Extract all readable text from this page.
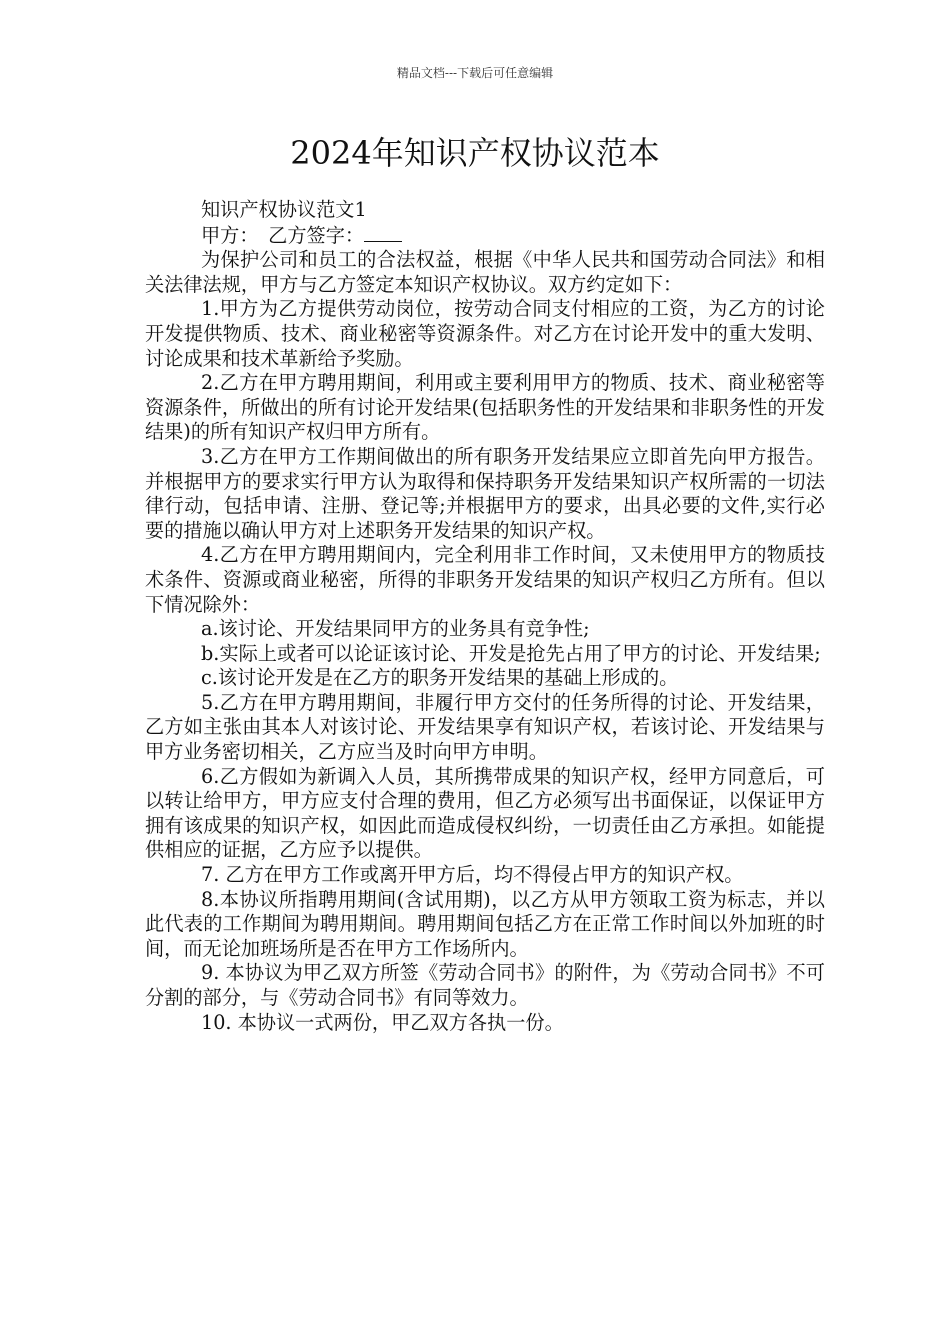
精品文档---下载后可任意编辑
2024年知识产权协议范本

知识产权协议范文1

甲方：　乙方签字：

为保护公司和员工的合法权益，根据《中华人民共和国劳动合同法》和相关法律法规，甲方与乙方签定本知识产权协议。双方约定如下：

1.甲方为乙方提供劳动岗位，按劳动合同支付相应的工资，为乙方的讨论开发提供物质、技术、商业秘密等资源条件。对乙方在讨论开发中的重大发明、讨论成果和技术革新给予奖励。

2.乙方在甲方聘用期间，利用或主要利用甲方的物质、技术、商业秘密等资源条件，所做出的所有讨论开发结果(包括职务性的开发结果和非职务性的开发结果)的所有知识产权归甲方所有。

3.乙方在甲方工作期间做出的所有职务开发结果应立即首先向甲方报告。并根据甲方的要求实行甲方认为取得和保持职务开发结果知识产权所需的一切法律行动，包括申请、注册、登记等;并根据甲方的要求，出具必要的文件,实行必要的措施以确认甲方对上述职务开发结果的知识产权。

4.乙方在甲方聘用期间内，完全利用非工作时间，又未使用甲方的物质技术条件、资源或商业秘密，所得的非职务开发结果的知识产权归乙方所有。但以下情况除外：

a.该讨论、开发结果同甲方的业务具有竞争性;

b.实际上或者可以论证该讨论、开发是抢先占用了甲方的讨论、开发结果;

c.该讨论开发是在乙方的职务开发结果的基础上形成的。

5.乙方在甲方聘用期间，非履行甲方交付的任务所得的讨论、开发结果，乙方如主张由其本人对该讨论、开发结果享有知识产权，若该讨论、开发结果与甲方业务密切相关，乙方应当及时向甲方申明。

6.乙方假如为新调入人员，其所携带成果的知识产权，经甲方同意后，可以转让给甲方，甲方应支付合理的费用，但乙方必须写出书面保证，以保证甲方拥有该成果的知识产权，如因此而造成侵权纠纷，一切责任由乙方承担。如能提供相应的证据，乙方应予以提供。

7. 乙方在甲方工作或离开甲方后，均不得侵占甲方的知识产权。

8.本协议所指聘用期间(含试用期)，以乙方从甲方领取工资为标志，并以此代表的工作期间为聘用期间。聘用期间包括乙方在正常工作时间以外加班的时间，而无论加班场所是否在甲方工作场所内。

9. 本协议为甲乙双方所签《劳动合同书》的附件，为《劳动合同书》不可分割的部分，与《劳动合同书》有同等效力。

10. 本协议一式两份，甲乙双方各执一份。
